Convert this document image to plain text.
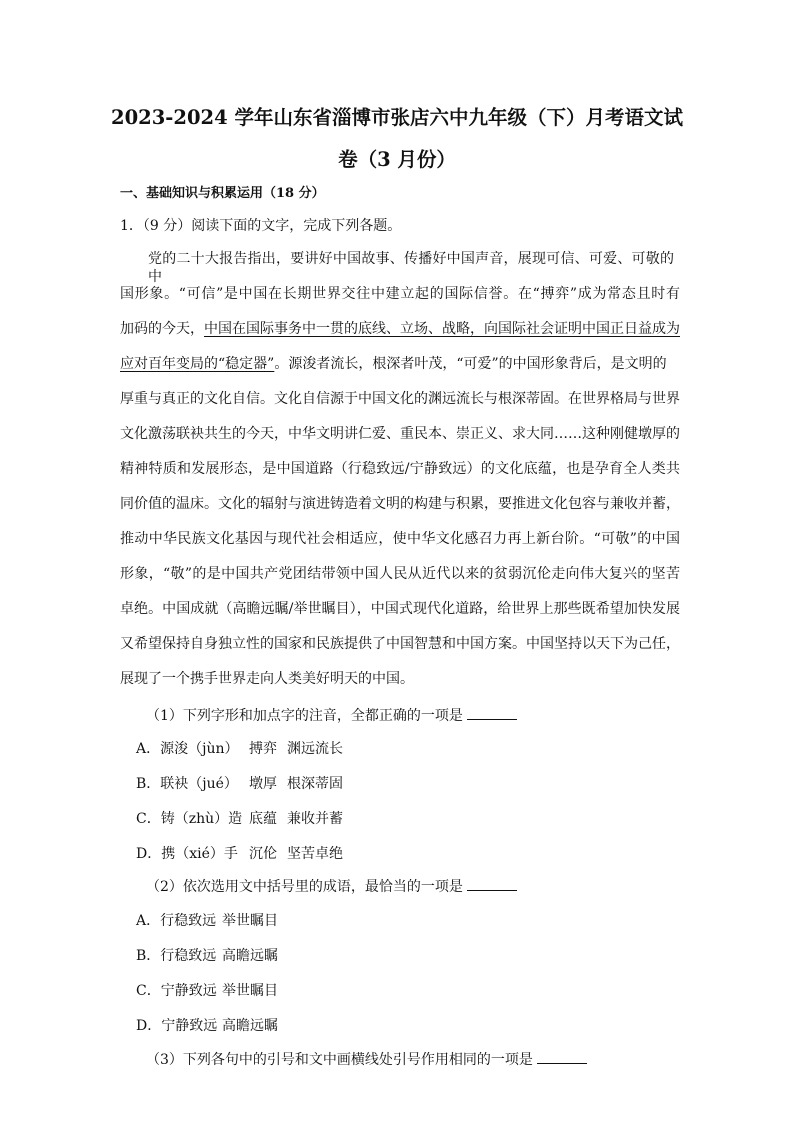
2023-2024 学年山东省淄博市张店六中九年级（下）月考语文试
卷（3 月份）
一、基础知识与积累运用（18 分）
1．（9 分）阅读下面的文字，完成下列各题。
党的二十大报告指出，要讲好中国故事、传播好中国声音，展现可信、可爱、可敬的中
国形象。“可信”是中国在长期世界交往中建立起的国际信誉。在“搏弈”成为常态且时有
加码的今天，中国在国际事务中一贯的底线、立场、战略，向国际社会证明中国正日益成为
应对百年变局的“稳定器”。源浚者流长，根深者叶茂，“可爱”的中国形象背后，是文明的
厚重与真正的文化自信。文化自信源于中国文化的渊远流长与根深蒂固。在世界格局与世界
文化激荡联袂共生的今天，中华文明讲仁爱、重民本、崇正义、求大同……这种刚健墩厚的
精神特质和发展形态，是中国道路（行稳致远/宁静致远）的文化底蕴，也是孕育全人类共
同价值的温床。文化的辐射与演进铸造着文明的构建与积累，要推进文化包容与兼收并蓄，
推动中华民族文化基因与现代社会相适应，使中华文化感召力再上新台阶。“可敬”的中国
形象，“敬”的是中国共产党团结带领中国人民从近代以来的贫弱沉伦走向伟大复兴的坚苦
卓绝。中国成就（高瞻远瞩/举世瞩目），中国式现代化道路，给世界上那些既希望加快发展
又希望保持自身独立性的国家和民族提供了中国智慧和中国方案。中国坚持以天下为己任，
展现了一个携手世界走向人类美好明天的中国。
（1）下列字形和加点字的注音，全都正确的一项是
A．源浚（jùn） 搏弈 渊远流长
B．联袂（jué） 墩厚 根深蒂固
C．铸（zhù）造 底蕴 兼收并蓄
D．携（xié）手 沉伦 坚苦卓绝
（2）依次选用文中括号里的成语，最恰当的一项是
A．行稳致远 举世瞩目
B．行稳致远 高瞻远瞩
C．宁静致远 举世瞩目
D．宁静致远 高瞻远瞩
（3）下列各句中的引号和文中画横线处引号作用相同的一项是
